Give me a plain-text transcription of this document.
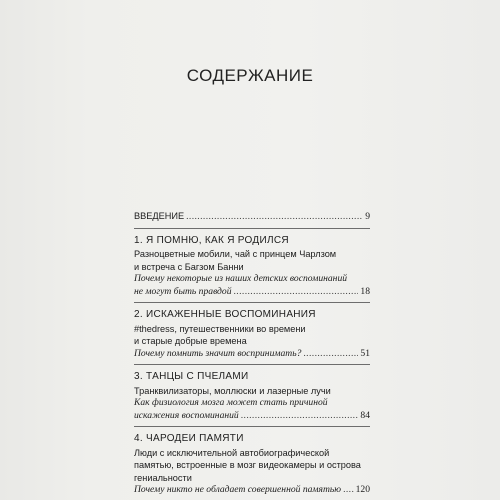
СОДЕРЖАНИЕ
ВВЕДЕНИЕ .....	9
1. Я ПОМНЮ, КАК Я РОДИЛСЯ
Разноцветные мобили, чай с принцем Чарлзом
и встреча с Багзом Банни
Почему некоторые из наших детских воспоминаний
не могут быть правдой .....	18
2. ИСКАЖЕННЫЕ ВОСПОМИНАНИЯ
#thedress, путешественники во времени
и старые добрые времена
Почему помнить значит воспринимать? .....	51
3. ТАНЦЫ С ПЧЕЛАМИ
Транквилизаторы, моллюски и лазерные лучи
Как физиология мозга может стать причиной
искажения воспоминаний .....	84
4. ЧАРОДЕИ ПАМЯТИ
Люди с исключительной автобиографической
памятью, встроенные в мозг видеокамеры и острова
гениальности
Почему никто не обладает совершенной памятью ..... 120
